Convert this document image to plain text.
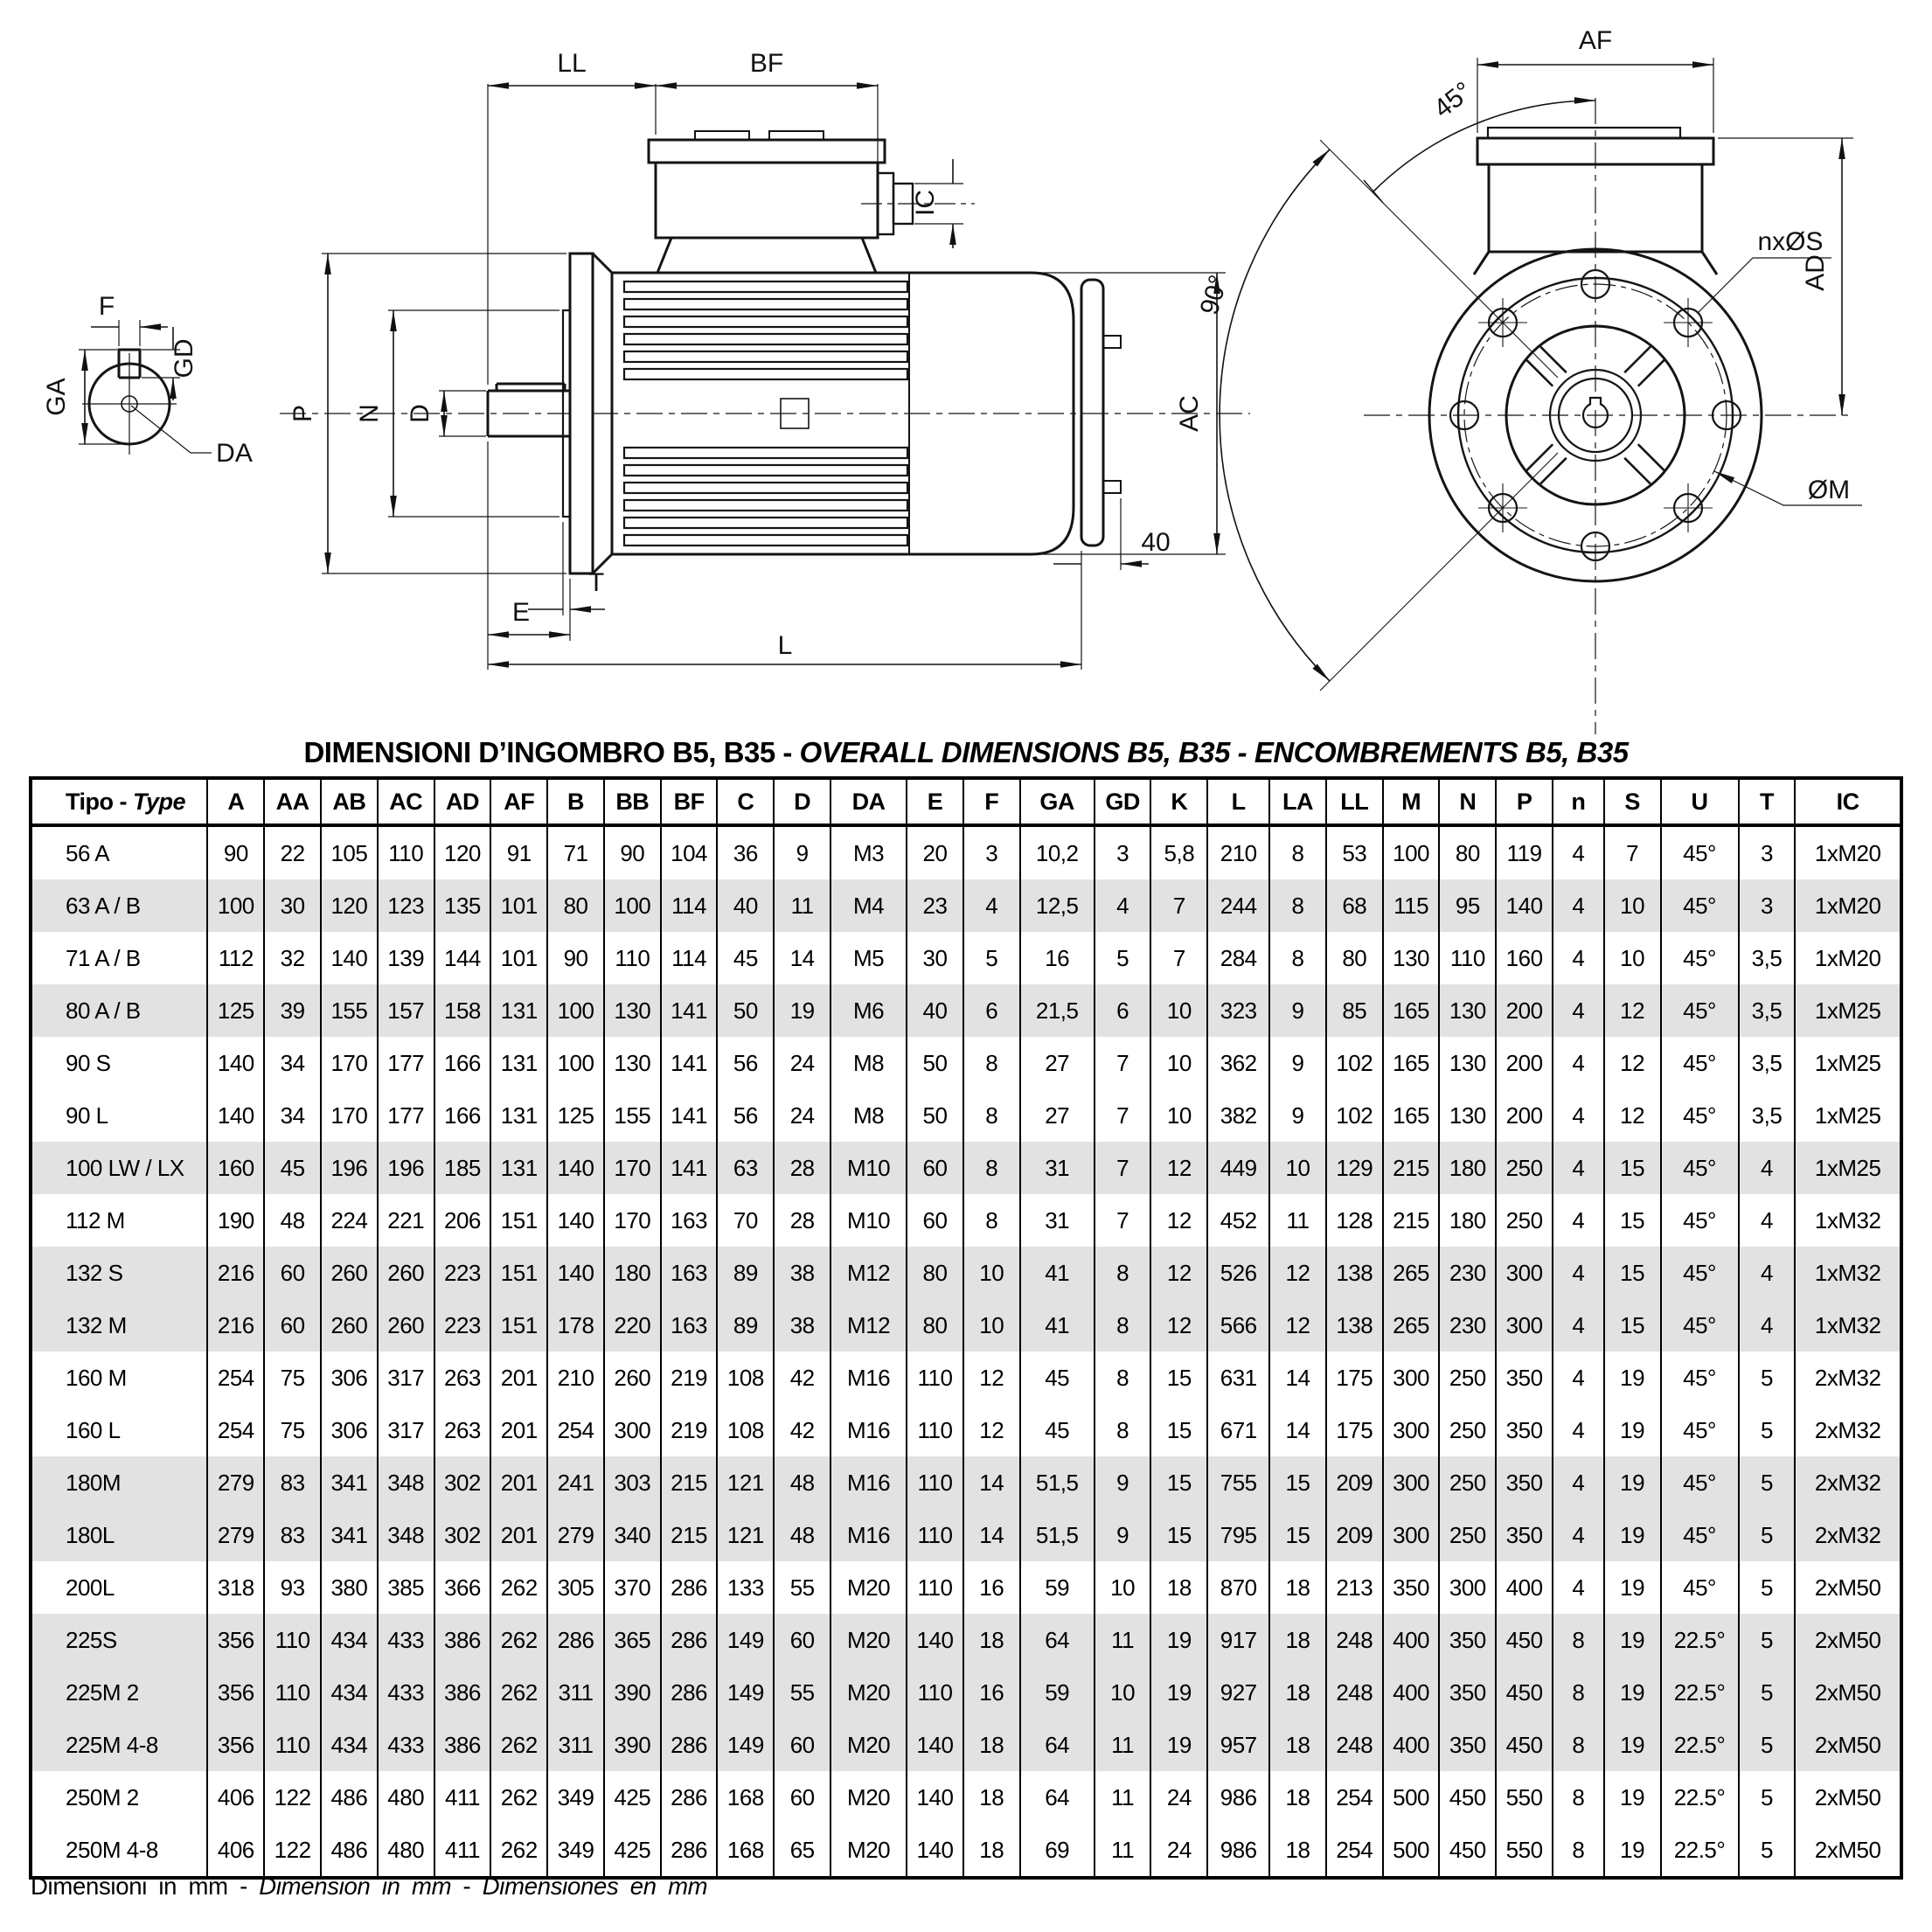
GA
F
GD
DA
LL	BF
IC
P N D	AC
T
E
L
40
AF
45°
nxØS
AD
90°
ØM
DIMENSIONI D’INGOMBRO B5, B35 - OVERALL DIMENSIONS B5, B35 - ENCOMBREMENTS B5, B35
Tipo - Type	A	AA	AB	AC	AD	AF	B	BB	BF	C	D	DA	E	F	GA	GD	K	L	LA	LL	M	N	P	n	S	U	T	IC
56 A	90	22	105	110	120	91	71	90	104	36	9	M3	20	3	10,2	3	5,8	210	8	53	100	80	119	4	7	45°	3	1xM20
63 A / B	100	30	120	123	135	101	80	100	114	40	11	M4	23	4	12,5	4	7	244	8	68	115	95	140	4	10	45°	3	1xM20
71 A / B	112	32	140	139	144	101	90	110	114	45	14	M5	30	5	16	5	7	284	8	80	130	110	160	4	10	45°	3,5	1xM20
80 A / B	125	39	155	157	158	131	100	130	141	50	19	M6	40	6	21,5	6	10	323	9	85	165	130	200	4	12	45°	3,5	1xM25
90 S	140	34	170	177	166	131	100	130	141	56	24	M8	50	8	27	7	10	362	9	102	165	130	200	4	12	45°	3,5	1xM25
90 L	140	34	170	177	166	131	125	155	141	56	24	M8	50	8	27	7	10	382	9	102	165	130	200	4	12	45°	3,5	1xM25
100 LW / LX	160	45	196	196	185	131	140	170	141	63	28	M10	60	8	31	7	12	449	10	129	215	180	250	4	15	45°	4	1xM25
112 M	190	48	224	221	206	151	140	170	163	70	28	M10	60	8	31	7	12	452	11	128	215	180	250	4	15	45°	4	1xM32
132 S	216	60	260	260	223	151	140	180	163	89	38	M12	80	10	41	8	12	526	12	138	265	230	300	4	15	45°	4	1xM32
132 M	216	60	260	260	223	151	178	220	163	89	38	M12	80	10	41	8	12	566	12	138	265	230	300	4	15	45°	4	1xM32
160 M	254	75	306	317	263	201	210	260	219	108	42	M16	110	12	45	8	15	631	14	175	300	250	350	4	19	45°	5	2xM32
160 L	254	75	306	317	263	201	254	300	219	108	42	M16	110	12	45	8	15	671	14	175	300	250	350	4	19	45°	5	2xM32
180M	279	83	341	348	302	201	241	303	215	121	48	M16	110	14	51,5	9	15	755	15	209	300	250	350	4	19	45°	5	2xM32
180L	279	83	341	348	302	201	279	340	215	121	48	M16	110	14	51,5	9	15	795	15	209	300	250	350	4	19	45°	5	2xM32
200L	318	93	380	385	366	262	305	370	286	133	55	M20	110	16	59	10	18	870	18	213	350	300	400	4	19	45°	5	2xM50
225S	356	110	434	433	386	262	286	365	286	149	60	M20	140	18	64	11	19	917	18	248	400	350	450	8	19	22.5°	5	2xM50
225M 2	356	110	434	433	386	262	311	390	286	149	55	M20	110	16	59	10	19	927	18	248	400	350	450	8	19	22.5°	5	2xM50
225M 4-8	356	110	434	433	386	262	311	390	286	149	60	M20	140	18	64	11	19	957	18	248	400	350	450	8	19	22.5°	5	2xM50
250M 2	406	122	486	480	411	262	349	425	286	168	60	M20	140	18	64	11	24	986	18	254	500	450	550	8	19	22.5°	5	2xM50
250M 4-8	406	122	486	480	411	262	349	425	286	168	65	M20	140	18	69	11	24	986	18	254	500	450	550	8	19	22.5°	5	2xM50
Dimensioni in mm - Dimension in mm - Dimensiones en mm
